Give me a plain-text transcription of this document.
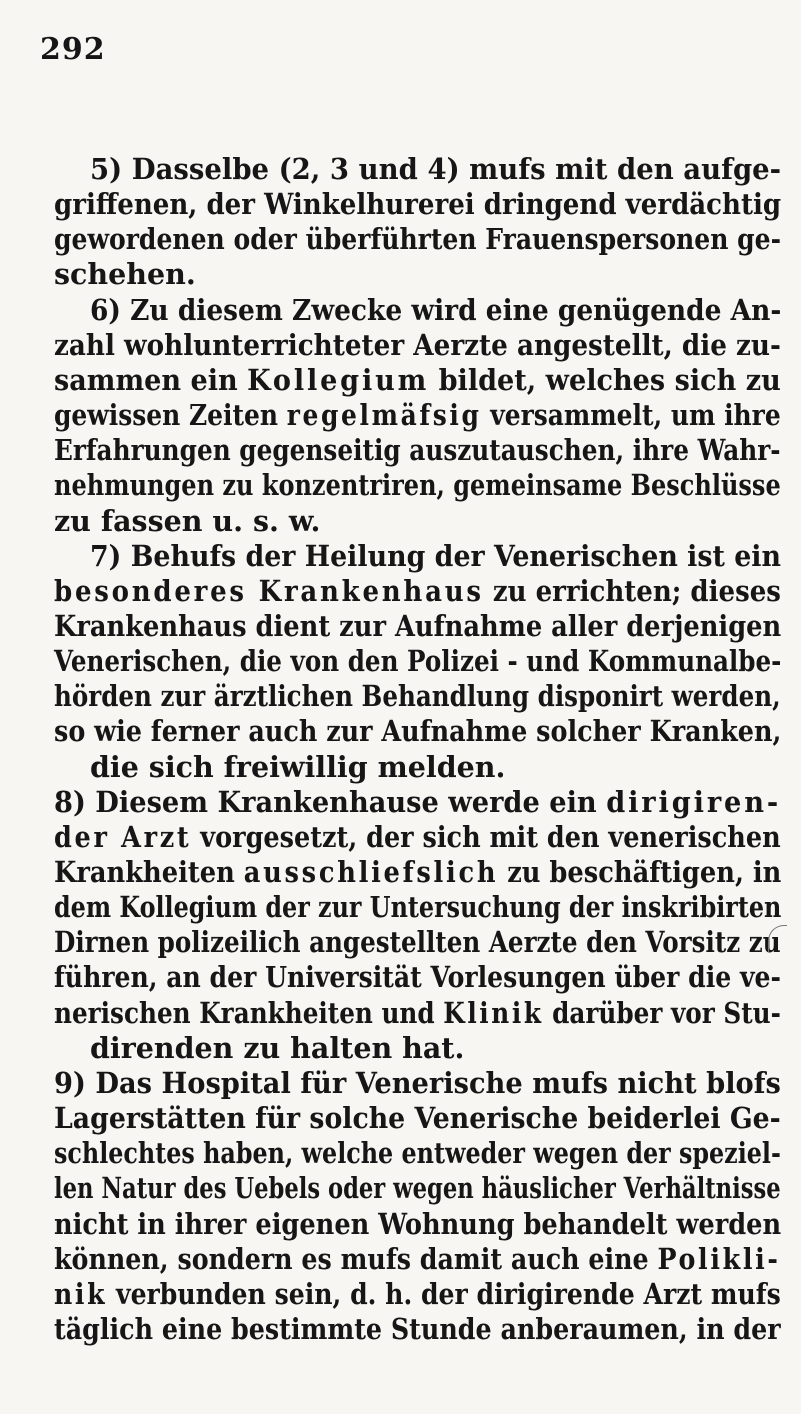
292
5) Dasselbe (2, 3 und 4) mufs mit den aufge-
griffenen, der Winkelhurerei dringend verdächtig
gewordenen oder überführten Frauenspersonen ge-
schehen.
6) Zu diesem Zwecke wird eine genügende An-
zahl wohlunterrichteter Aerzte angestellt, die zu-
sammen ein Kollegium bildet, welches sich zu
gewissen Zeiten regelmäfsig versammelt, um ihre
Erfahrungen gegenseitig auszutauschen, ihre Wahr-
nehmungen zu konzentriren, gemeinsame Beschlüsse
zu fassen u. s. w.
7) Behufs der Heilung der Venerischen ist ein
besonderes Krankenhaus zu errichten; dieses
Krankenhaus dient zur Aufnahme aller derjenigen
Venerischen, die von den Polizei - und Kommunalbe-
hörden zur ärztlichen Behandlung disponirt werden,
so wie ferner auch zur Aufnahme solcher Kranken,
die sich freiwillig melden.
8) Diesem Krankenhause werde ein dirigiren-
der Arzt vorgesetzt, der sich mit den venerischen
Krankheiten ausschliefslich zu beschäftigen, in
dem Kollegium der zur Untersuchung der inskribirten
Dirnen polizeilich angestellten Aerzte den Vorsitz zu
führen, an der Universität Vorlesungen über die ve-
nerischen Krankheiten und Klinik darüber vor Stu-
direnden zu halten hat.
9) Das Hospital für Venerische mufs nicht blofs
Lagerstätten für solche Venerische beiderlei Ge-
schlechtes haben, welche entweder wegen der speziel-
len Natur des Uebels oder wegen häuslicher Verhältnisse
nicht in ihrer eigenen Wohnung behandelt werden
können, sondern es mufs damit auch eine Polikli-
nik verbunden sein, d. h. der dirigirende Arzt mufs
täglich eine bestimmte Stunde anberaumen, in der
